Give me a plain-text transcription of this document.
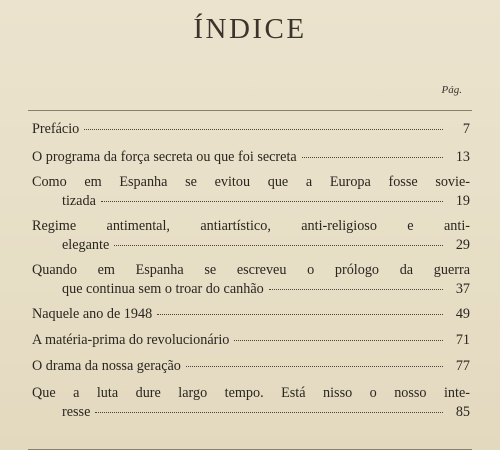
ÍNDICE
Pág.
Prefácio	7
O programa da força secreta ou que foi secreta	13
Como em Espanha se evitou que a Europa fosse sovie-
tizada	19
Regime antimental, antiartístico, anti-religioso e anti-
elegante	29
Quando em Espanha se escreveu o prólogo da guerra
que continua sem o troar do canhão	37
Naquele ano de 1948	49
A matéria-prima do revolucionário	71
O drama da nossa geração	77
Que a luta dure largo tempo. Está nisso o nosso inte-
resse	85
